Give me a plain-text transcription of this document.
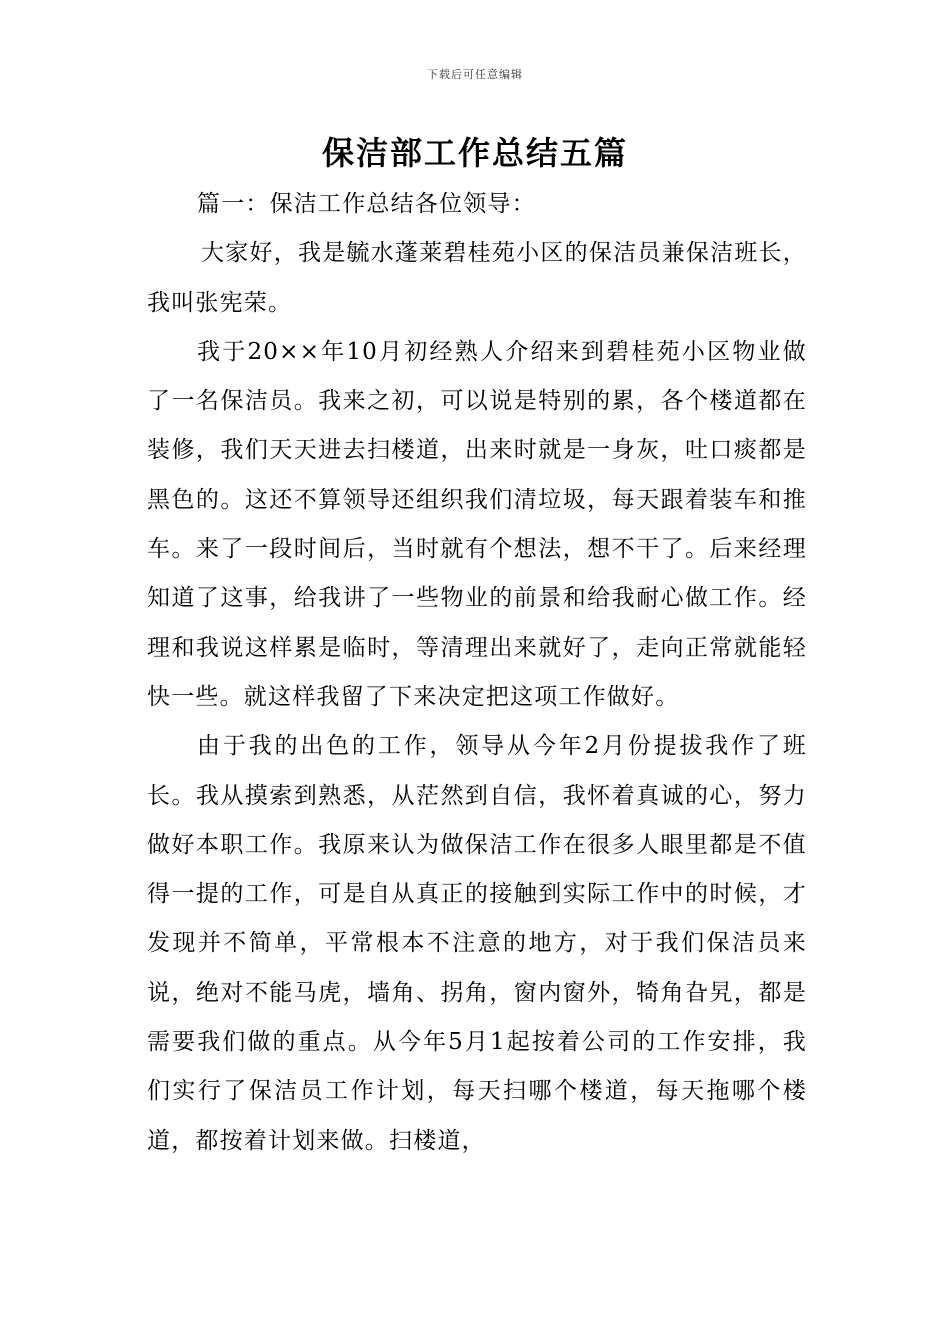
下载后可任意编辑
保洁部工作总结五篇

篇一：保洁工作总结各位领导：

大家好，我是毓水蓬莱碧桂苑小区的保洁员兼保洁班长，我叫张宪荣。

我于20××年10月初经熟人介绍来到碧桂苑小区物业做了一名保洁员。我来之初，可以说是特别的累，各个楼道都在装修，我们天天进去扫楼道，出来时就是一身灰，吐口痰都是黑色的。这还不算领导还组织我们清垃圾，每天跟着装车和推车。来了一段时间后，当时就有个想法，想不干了。后来经理知道了这事，给我讲了一些物业的前景和给我耐心做工作。经理和我说这样累是临时，等清理出来就好了，走向正常就能轻快一些。就这样我留了下来决定把这项工作做好。

由于我的出色的工作，领导从今年2月份提拔我作了班长。我从摸索到熟悉，从茫然到自信，我怀着真诚的心，努力做好本职工作。我原来认为做保洁工作在很多人眼里都是不值得一提的工作，可是自从真正的接触到实际工作中的时候，才发现并不简单，平常根本不注意的地方，对于我们保洁员来说，绝对不能马虎，墙角、拐角，窗内窗外，犄角旮旯，都是需要我们做的重点。从今年5月1起按着公司的工作安排，我们实行了保洁员工作计划，每天扫哪个楼道，每天拖哪个楼道，都按着计划来做。扫楼道，
